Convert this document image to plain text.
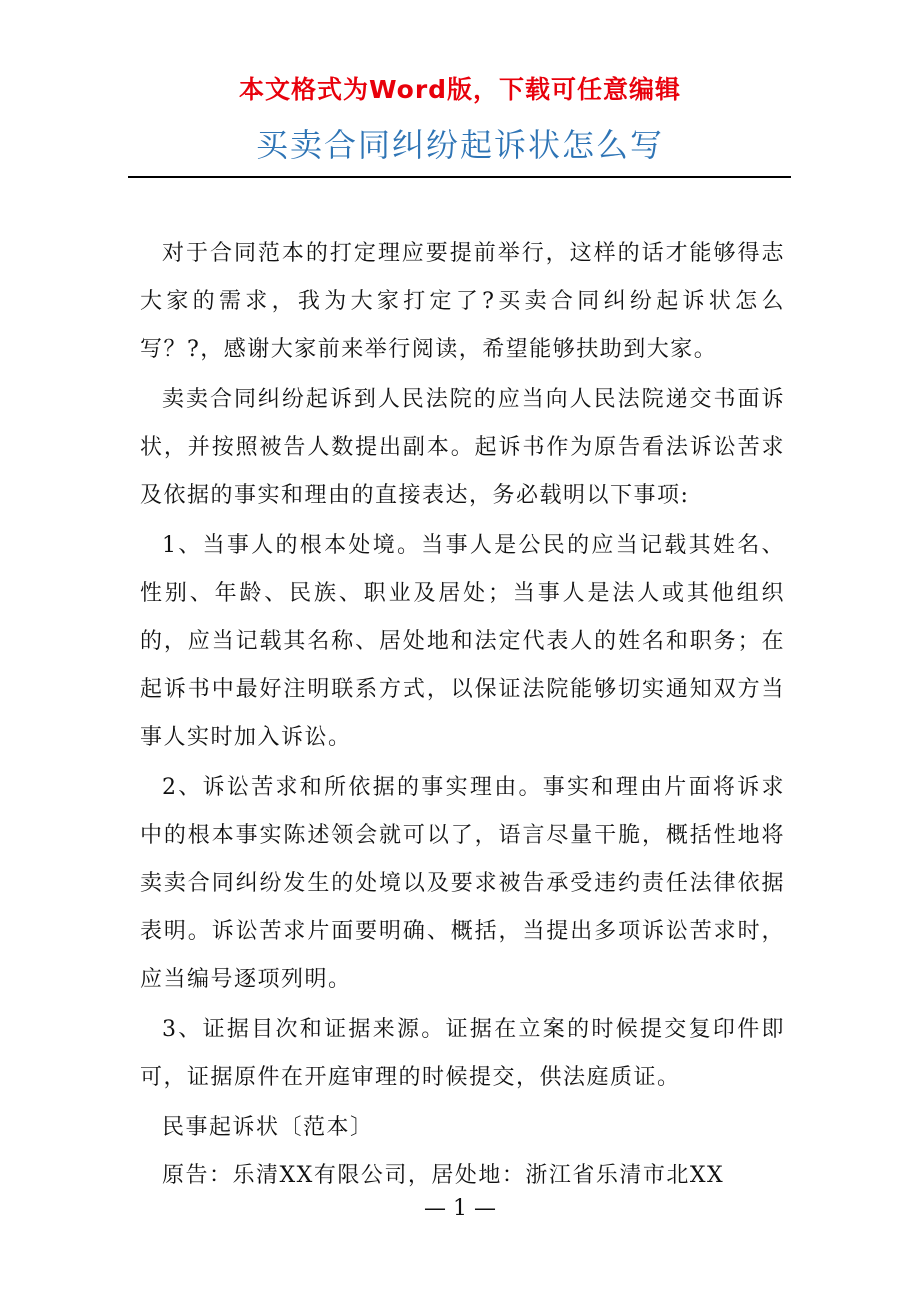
本文格式为Word版，下载可任意编辑
买卖合同纠纷起诉状怎么写

对于合同范本的打定理应要提前举行，这样的话才能够得志大家的需求，我为大家打定了?买卖合同纠纷起诉状怎么写？?，感谢大家前来举行阅读，希望能够扶助到大家。

卖卖合同纠纷起诉到人民法院的应当向人民法院递交书面诉状，并按照被告人数提出副本。起诉书作为原告看法诉讼苦求及依据的事实和理由的直接表达，务必载明以下事项:

1、当事人的根本处境。当事人是公民的应当记载其姓名、性别、年龄、民族、职业及居处；当事人是法人或其他组织的，应当记载其名称、居处地和法定代表人的姓名和职务；在起诉书中最好注明联系方式，以保证法院能够切实通知双方当事人实时加入诉讼。

2、诉讼苦求和所依据的事实理由。事实和理由片面将诉求中的根本事实陈述领会就可以了，语言尽量干脆，概括性地将卖卖合同纠纷发生的处境以及要求被告承受违约责任法律依据表明。诉讼苦求片面要明确、概括，当提出多项诉讼苦求时，应当编号逐项列明。

3、证据目次和证据来源。证据在立案的时候提交复印件即可，证据原件在开庭审理的时候提交，供法庭质证。

民事起诉状〔范本〕

原告：乐清XX有限公司，居处地：浙江省乐清市北XX

— 1 —
